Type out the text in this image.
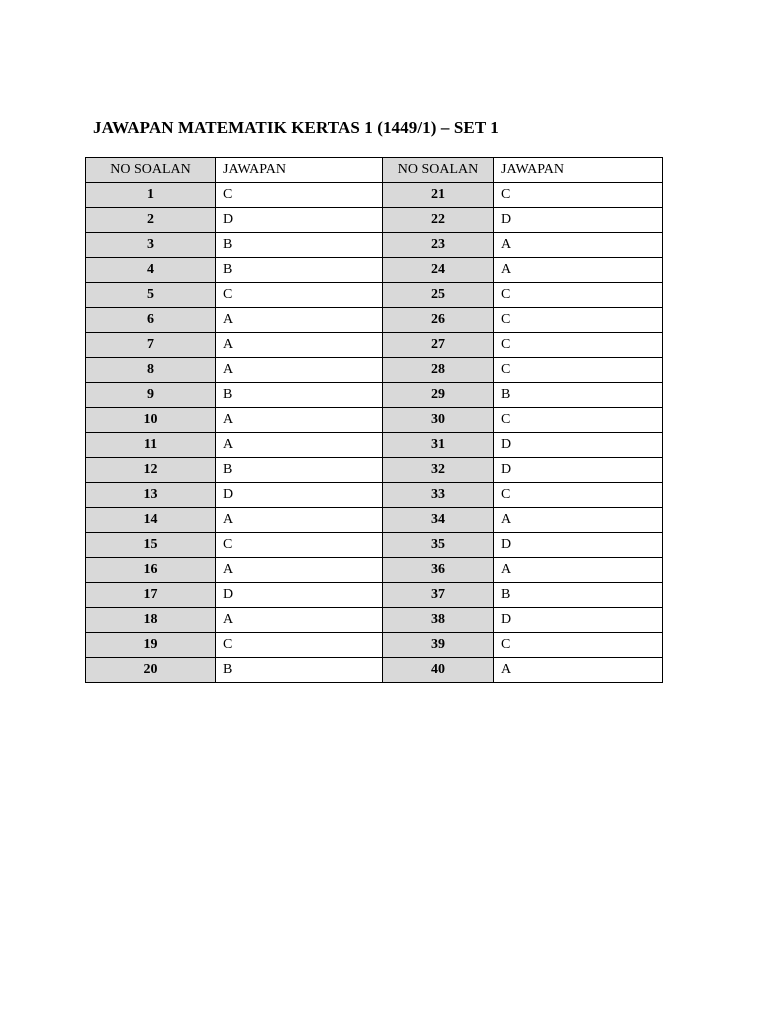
JAWAPAN MATEMATIK KERTAS 1 (1449/1) – SET 1
NO SOALAN	JAWAPAN	NO SOALAN	JAWAPAN
1	C	21	C
2	D	22	D
3	B	23	A
4	B	24	A
5	C	25	C
6	A	26	C
7	A	27	C
8	A	28	C
9	B	29	B
10	A	30	C
11	A	31	D
12	B	32	D
13	D	33	C
14	A	34	A
15	C	35	D
16	A	36	A
17	D	37	B
18	A	38	D
19	C	39	C
20	B	40	A
